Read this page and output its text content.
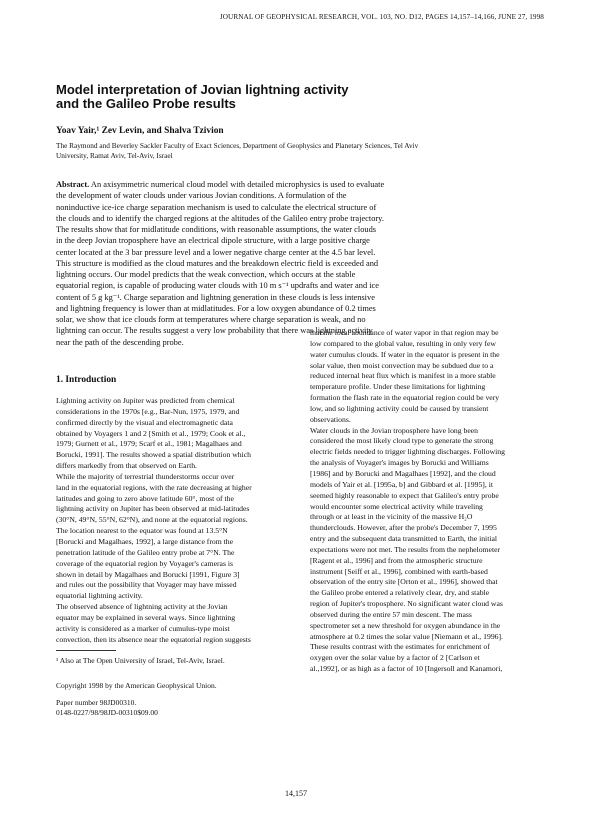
JOURNAL OF GEOPHYSICAL RESEARCH, VOL. 103, NO. D12, PAGES 14,157–14,166, JUNE 27, 1998
Model interpretation of Jovian lightning activity
and the Galileo Probe results
Yoav Yair,¹ Zev Levin, and Shalva Tzivion
The Raymond and Beverley Sackler Faculty of Exact Sciences, Department of Geophysics and Planetary Sciences, Tel Aviv
University, Ramat Aviv, Tel-Aviv, Israel
Abstract. An axisymmetric numerical cloud model with detailed microphysics is used to evaluate
the development of water clouds under various Jovian conditions. A formulation of the
noninductive ice-ice charge separation mechanism is used to calculate the electrical structure of
the clouds and to identify the charged regions at the altitudes of the Galileo entry probe trajectory.
The results show that for midlatitude conditions, with reasonable assumptions, the water clouds
in the deep Jovian troposphere have an electrical dipole structure, with a large positive charge
center located at the 3 bar pressure level and a lower negative charge center at the 4.5 bar level.
This structure is modified as the cloud matures and the breakdown electric field is exceeded and
lightning occurs. Our model predicts that the weak convection, which occurs at the stable
equatorial region, is capable of producing water clouds with 10 m s⁻¹ updrafts and water and ice
content of 5 g kg⁻¹. Charge separation and lightning generation in these clouds is less intensive
and lightning frequency is lower than at midlatitudes. For a low oxygen abundance of 0.2 times
solar, we show that ice clouds form at temperatures where charge separation is weak, and no
lightning can occur. The results suggest a very low probability that there was lightning activity
near the path of the descending probe.
1. Introduction
Lightning activity on Jupiter was predicted from chemical
considerations in the 1970s [e.g., Bar-Nun, 1975, 1979, and
confirmed directly by the visual and electromagnetic data
obtained by Voyagers 1 and 2 [Smith et al., 1979; Cook et al.,
1979; Gurnett et al., 1979; Scarf et al., 1981; Magalhaes and
Borucki, 1991]. The results showed a spatial distribution which
differs markedly from that observed on Earth.
While the majority of terrestrial thunderstorms occur over
land in the equatorial regions, with the rate decreasing at higher
latitudes and going to zero above latitude 60°, most of the
lightning activity on Jupiter has been observed at mid-latitudes
(30°N, 49°N, 55°N, 62°N), and none at the equatorial regions.
The location nearest to the equator was found at 13.5°N
[Borucki and Magalhaes, 1992], a large distance from the
penetration latitude of the Galileo entry probe at 7°N. The
coverage of the equatorial region by Voyager's cameras is
shown in detail by Magalhaes and Borucki [1991, Figure 3]
and rules out the possibility that Voyager may have missed
equatorial lightning activity.
The observed absence of lightning activity at the Jovian
equator may be explained in several ways. Since lightning
activity is considered as a marker of cumulus-type moist
convection, then its absence near the equatorial region suggests
that the local abundance of water vapor in that region may be
low compared to the global value, resulting in only very few
water cumulus clouds. If water in the equator is present in the
solar value, then moist convection may be subdued due to a
reduced internal heat flux which is manifest in a more stable
temperature profile. Under these limitations for lightning
formation the flash rate in the equatorial region could be very
low, and so lightning activity could be caused by transient
observations.
Water clouds in the Jovian troposphere have long been
considered the most likely cloud type to generate the strong
electric fields needed to trigger lightning discharges. Following
the analysis of Voyager's images by Borucki and Williams
[1986] and by Borucki and Magalhaes [1992], and the cloud
models of Yair et al. [1995a, b] and Gibbard et al. [1995], it
seemed highly reasonable to expect that Galileo's entry probe
would encounter some electrical activity while traveling
through or at least in the vicinity of the massive H₂O
thunderclouds. However, after the probe's December 7, 1995
entry and the subsequent data transmitted to Earth, the initial
expectations were not met. The results from the nephelometer
[Ragent et al., 1996] and from the atmospheric structure
instrument [Seiff et al., 1996], combined with earth-based
observation of the entry site [Orton et al., 1996], showed that
the Galileo probe entered a relatively clear, dry, and stable
region of Jupiter's troposphere. No significant water cloud was
observed during the entire 57 min descent. The mass
spectrometer set a new threshold for oxygen abundance in the
atmosphere at 0.2 times the solar value [Niemann et al., 1996].
These results contrast with the estimates for enrichment of
oxygen over the solar value by a factor of 2 [Carlson et
al.,1992], or as high as a factor of 10 [Ingersoll and Kanamori,
¹ Also at The Open University of Israel, Tel-Aviv, Israel.
Copyright 1998 by the American Geophysical Union.
Paper number 98JD00310.
0148-0227/98/98JD-00310$09.00
14,157
